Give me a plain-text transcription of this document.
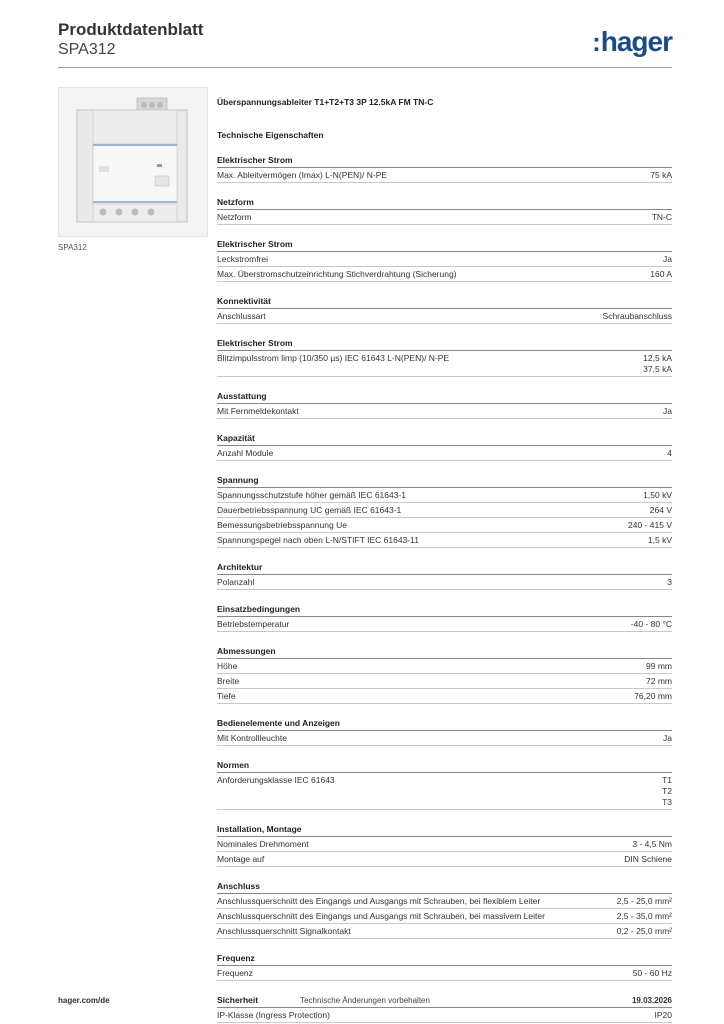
Produktdatenblatt
SPA312	:hager
SPA312
Überspannungsableiter T1+T2+T3 3P 12.5kA FM TN-C
Technische Eigenschaften
Elektrischer Strom
Max. Ableitvermögen (Imax) L-N(PEN)/ N-PE	75 kA
Netzform
Netzform	TN-C
Elektrischer Strom
Leckstromfrei	Ja
Max. Überstromschutzeinrichtung Stichverdrahtung (Sicherung)	160 A
Konnektivität
Anschlussart	Schraubanschluss
Elektrischer Strom
Blitzimpulsstrom limp (10/350 µs) IEC 61643 L-N(PEN)/ N-PE	12,5 kA
37,5 kA
Ausstattung
Mit Fernmeldekontakt	Ja
Kapazität
Anzahl Module	4
Spannung
Spannungsschutzstufe höher gemäß IEC 61643-1	1,50 kV
Dauerbetriebsspannung UC gemäß IEC 61643-1	264 V
Bemessungsbetriebsspannung Ue	240 - 415 V
Spannungspegel nach oben L-N/STIFT IEC 61643-11	1,5 kV
Architektur
Polanzahl	3
Einsatzbedingungen
Betriebstemperatur	-40 - 80 °C
Abmessungen
Höhe	99 mm
Breite	72 mm
Tiefe	76,20 mm
Bedienelemente und Anzeigen
Mit Kontrollleuchte	Ja
Normen
Anforderungsklasse IEC 61643	T1
T2
T3
Installation, Montage
Nominales Drehmoment	3 - 4,5 Nm
Montage auf	DIN Schiene
Anschluss
Anschlussquerschnitt des Eingangs und Ausgangs mit Schrauben, bei flexiblem Leiter	2,5 - 25,0 mm²
Anschlussquerschnitt des Eingangs und Ausgangs mit Schrauben, bei massivem Leiter	2,5 - 35,0 mm²
Anschlussquerschnitt Signalkontakt	0,2 - 25,0 mm²
Frequenz
Frequenz	50 - 60 Hz
Sicherheit
IP-Klasse (Ingress Protection)	IP20
hager.com/de	Technische Änderungen vorbehalten	19.03.2026
